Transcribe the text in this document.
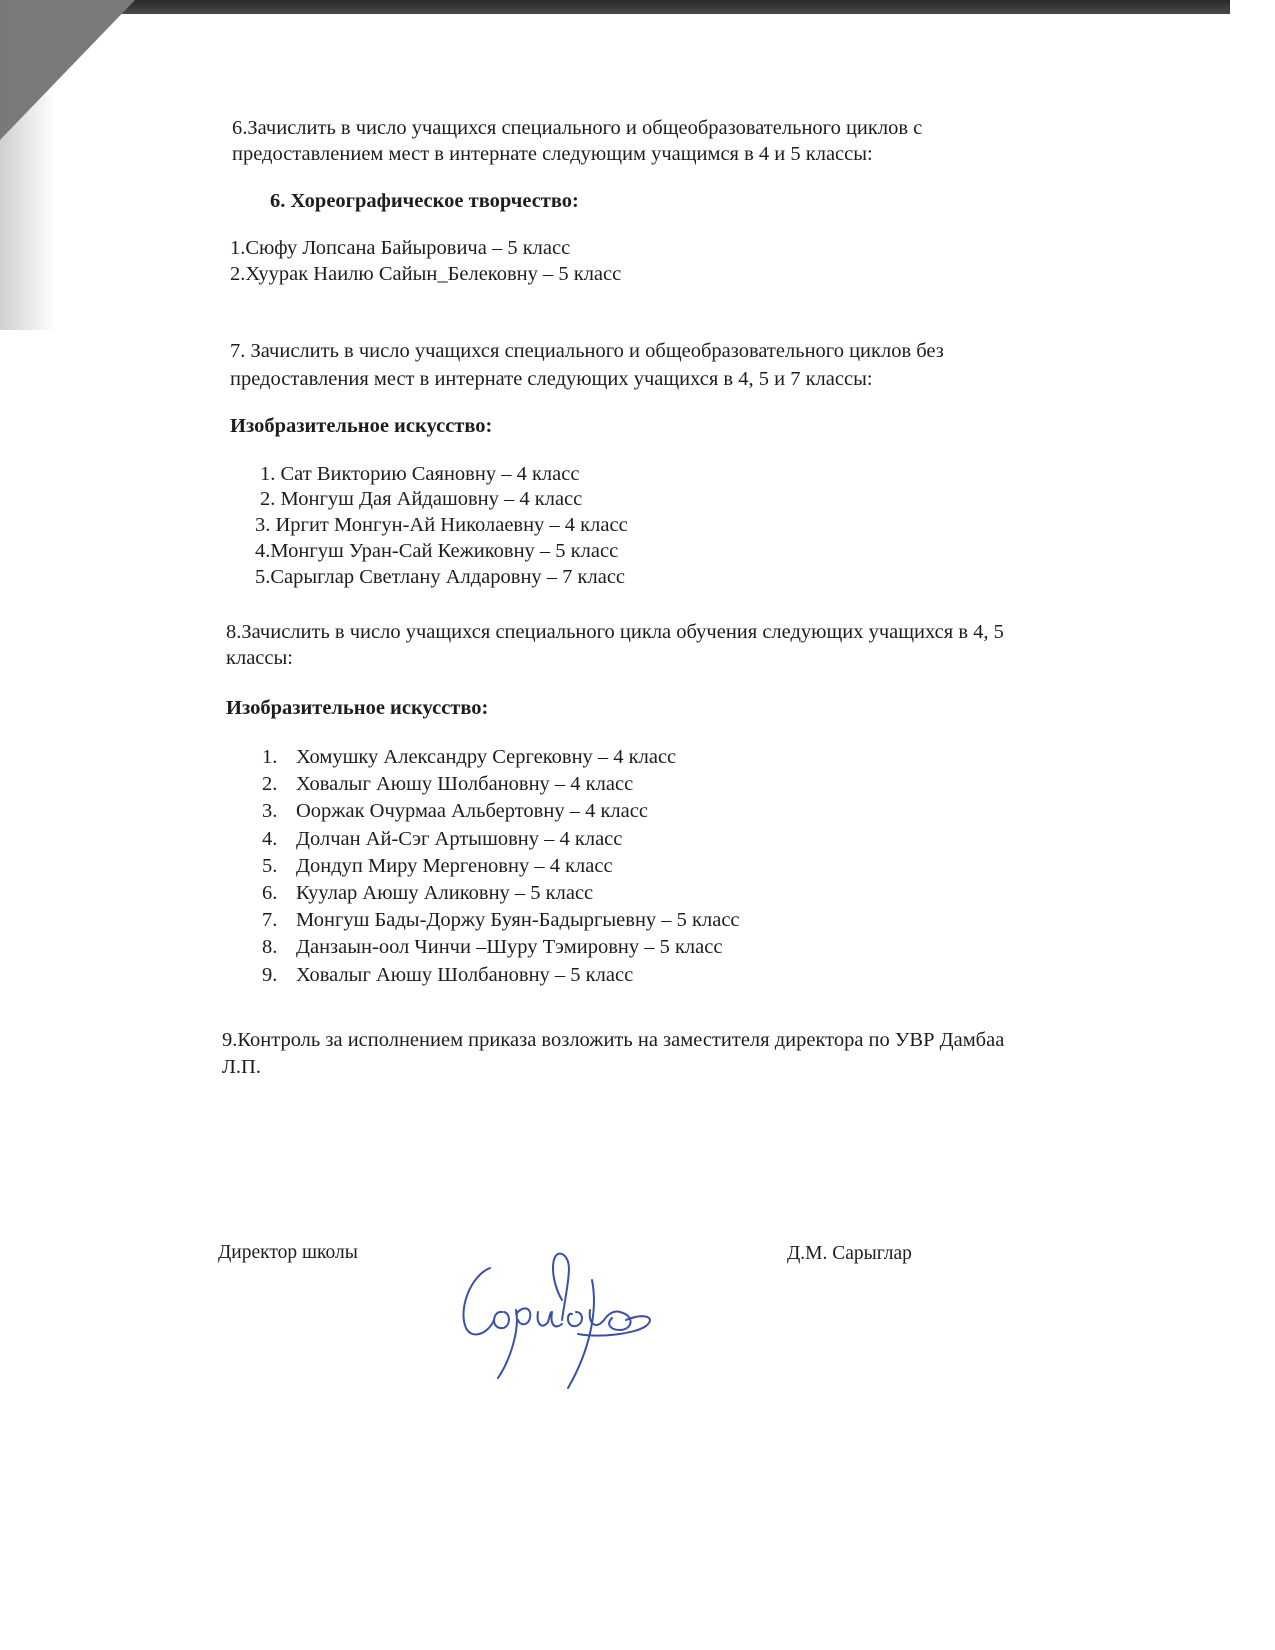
6.Зачислить в число учащихся специального и общеобразовательного циклов с
предоставлением мест в интернате следующим учащимся в 4 и 5 классы:
6. Хореографическое творчество:
1.Сюфу Лопсана Байыровича – 5 класс
2.Хуурак Наилю Сайын_Белековну – 5 класс
7. Зачислить в число учащихся специального и общеобразовательного циклов без
предоставления мест в интернате следующих учащихся в 4, 5 и 7 классы:
Изобразительное искусство:
1. Сат Викторию Саяновну – 4 класс
2. Монгуш Дая Айдашовну – 4 класс
3. Иргит Монгун-Ай Николаевну – 4 класс
4.Монгуш Уран-Сай Кежиковну – 5 класс
5.Сарыглар Светлану Алдаровну – 7 класс
8.Зачислить в число учащихся специального цикла обучения следующих учащихся в 4, 5
классы:
Изобразительное искусство:
1. Хомушку Александру Сергековну – 4 класс
2. Ховалыг Аюшу Шолбановну – 4 класс
3. Ооржак Очурмаа Альбертовну – 4 класс
4. Долчан Ай-Сэг Артышовну – 4 класс
5. Дондуп Миру Мергеновну – 4 класс
6. Куулар Аюшу Аликовну – 5 класс
7. Монгуш Бады-Доржу Буян-Бадыргыевну – 5 класс
8. Данзаын-оол Чинчи –Шуру Тэмировну – 5 класс
9. Ховалыг Аюшу Шолбановну – 5 класс
9.Контроль за исполнением приказа возложить на заместителя директора по УВР Дамбаа
Л.П.
Директор школы	Д.М. Сарыглар
